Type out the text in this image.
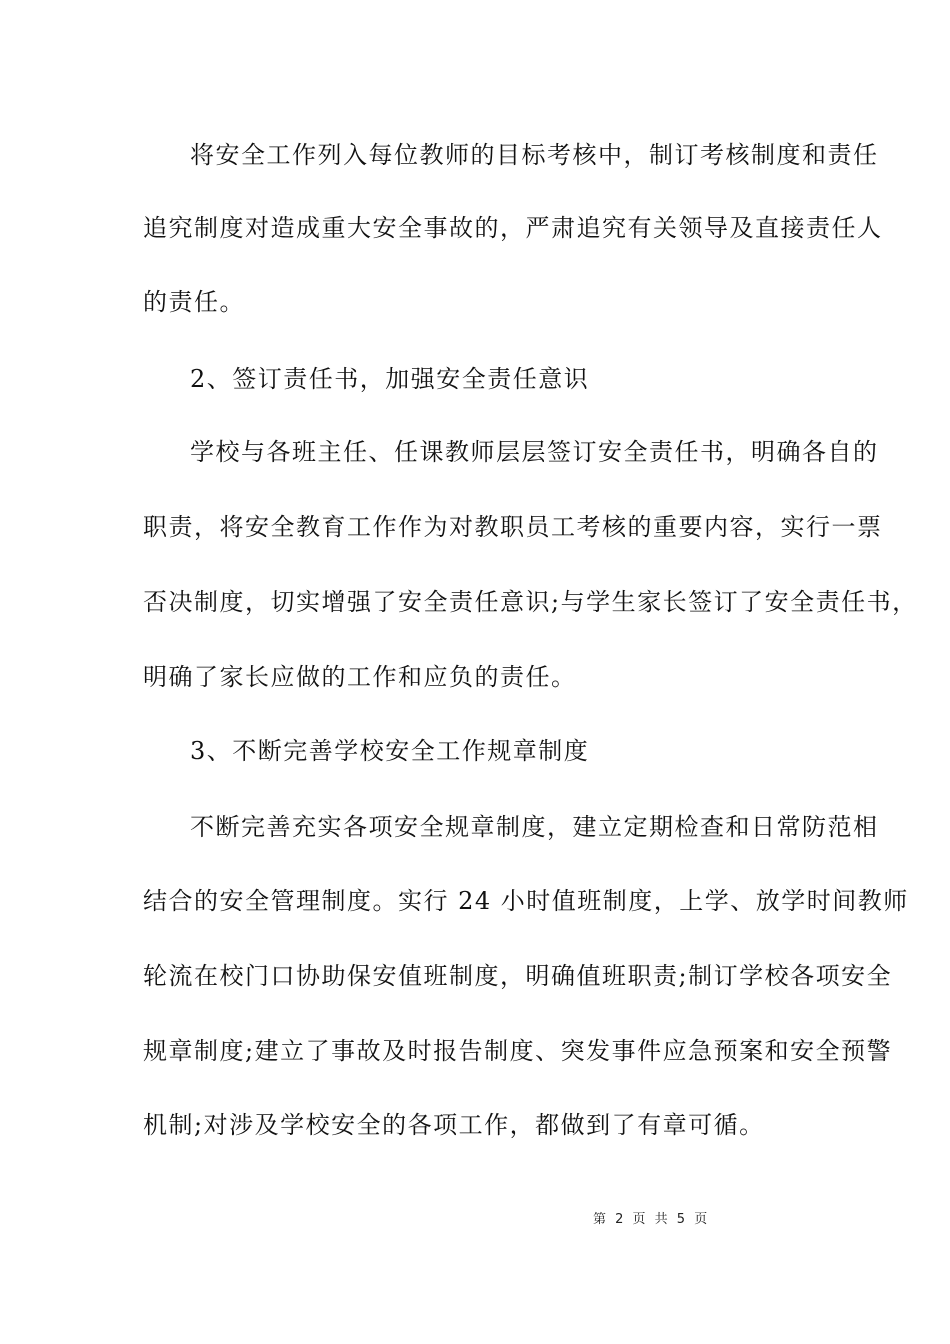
将安全工作列入每位教师的目标考核中，制订考核制度和责任
追究制度对造成重大安全事故的，严肃追究有关领导及直接责任人
的责任。
2、签订责任书，加强安全责任意识
学校与各班主任、任课教师层层签订安全责任书，明确各自的
职责，将安全教育工作作为对教职员工考核的重要内容，实行一票
否决制度，切实增强了安全责任意识;与学生家长签订了安全责任书，
明确了家长应做的工作和应负的责任。
3、不断完善学校安全工作规章制度
不断完善充实各项安全规章制度，建立定期检查和日常防范相
结合的安全管理制度。实行 24 小时值班制度，上学、放学时间教师
轮流在校门口协助保安值班制度，明确值班职责;制订学校各项安全
规章制度;建立了事故及时报告制度、突发事件应急预案和安全预警
机制;对涉及学校安全的各项工作，都做到了有章可循。
第 2 页 共 5 页
